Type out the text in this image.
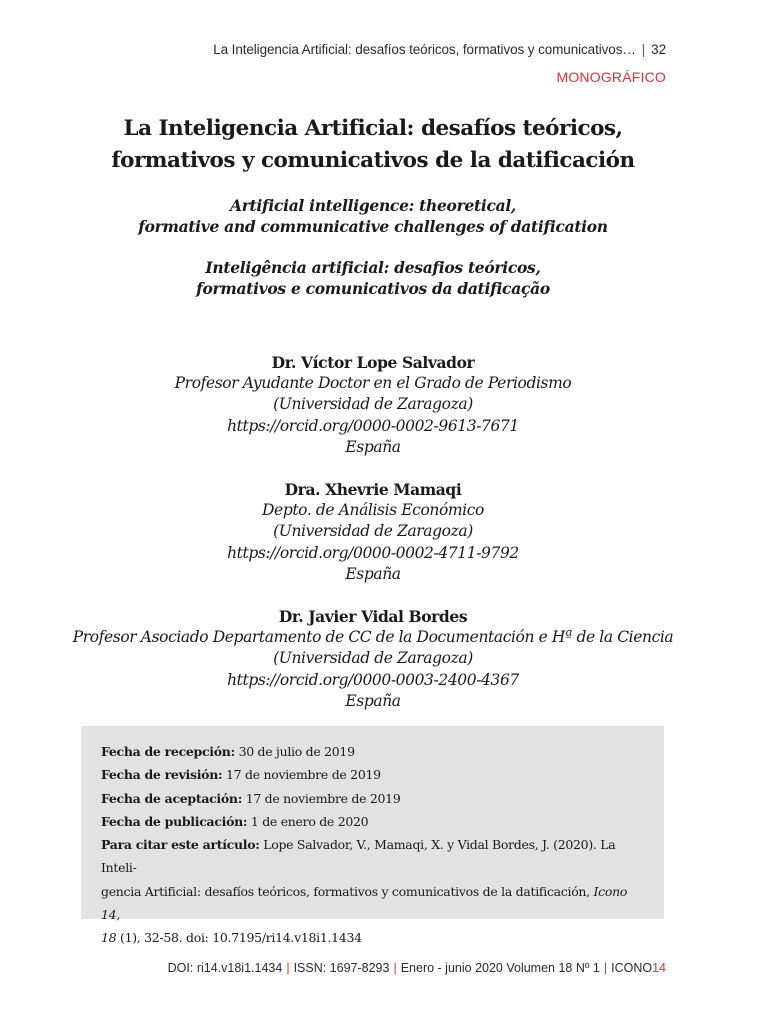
La Inteligencia Artificial: desafíos teóricos, formativos y comunicativos… | 32
MONOGRÁFICO
La Inteligencia Artificial: desafíos teóricos,
formativos y comunicativos de la datificación
Artificial intelligence: theoretical,
formative and communicative challenges of datification
Inteligência artificial: desafios teóricos,
formativos e comunicativos da datificação
Dr. Víctor Lope Salvador
Profesor Ayudante Doctor en el Grado de Periodismo
(Universidad de Zaragoza)
https://orcid.org/0000-0002-9613-7671
España
Dra. Xhevrie Mamaqi
Depto. de Análisis Económico
(Universidad de Zaragoza)
https://orcid.org/0000-0002-4711-9792
España
Dr. Javier Vidal Bordes
Profesor Asociado Departamento de CC de la Documentación e Hª de la Ciencia
(Universidad de Zaragoza)
https://orcid.org/0000-0003-2400-4367
España
Fecha de recepción: 30 de julio de 2019
Fecha de revisión: 17 de noviembre de 2019
Fecha de aceptación: 17 de noviembre de 2019
Fecha de publicación: 1 de enero de 2020
Para citar este artículo: Lope Salvador, V., Mamaqi, X. y Vidal Bordes, J. (2020). La Inteli-
gencia Artificial: desafíos teóricos, formativos y comunicativos de la datificación, Icono 14,
18 (1), 32-58. doi: 10.7195/ri14.v18i1.1434
DOI: ri14.v18i1.1434 | ISSN: 1697-8293 | Enero - junio 2020 Volumen 18 Nº 1 | ICONO14
